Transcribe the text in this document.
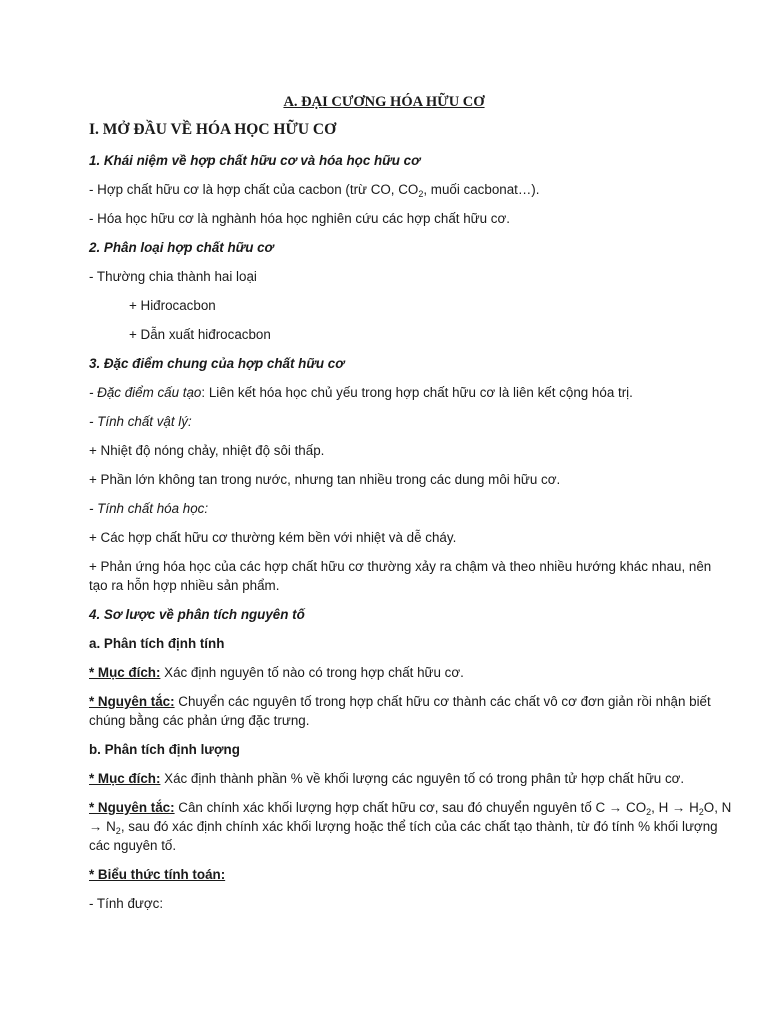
A. ĐẠI CƯƠNG HÓA HỮU CƠ

I. MỞ ĐẦU VỀ HÓA HỌC HỮU CƠ

1. Khái niệm về hợp chất hữu cơ và hóa học hữu cơ

- Hợp chất hữu cơ là hợp chất của cacbon (trừ CO, $CO_2$, muối cacbonat…).

- Hóa học hữu cơ là nghành hóa học nghiên cứu các hợp chất hữu cơ.

2. Phân loại hợp chất hữu cơ

- Thường chia thành hai loại

+ Hiđrocacbon

+ Dẫn xuất hiđrocacbon

3. Đặc điểm chung của hợp chất hữu cơ

- Đặc điểm cấu tạo: Liên kết hóa học chủ yếu trong hợp chất hữu cơ là liên kết cộng hóa trị.

- Tính chất vật lý:

+ Nhiệt độ nóng chảy, nhiệt độ sôi thấp.

+ Phần lớn không tan trong nước, nhưng tan nhiều trong các dung môi hữu cơ.

- Tính chất hóa học:

+ Các hợp chất hữu cơ thường kém bền với nhiệt và dễ cháy.

+ Phản ứng hóa học của các hợp chất hữu cơ thường xảy ra chậm và theo nhiều hướng khác nhau, nên

tạo ra hỗn hợp nhiều sản phẩm.

4. Sơ lược về phân tích nguyên tố

a. Phân tích định tính

* Mục đích: Xác định nguyên tố nào có trong hợp chất hữu cơ.

* Nguyên tắc: Chuyển các nguyên tố trong hợp chất hữu cơ thành các chất vô cơ đơn giản rồi nhận biết

chúng bằng các phản ứng đặc trưng.

b. Phân tích định lượng

* Mục đích: Xác định thành phần % về khối lượng các nguyên tố có trong phân tử hợp chất hữu cơ.

* Nguyên tắc: Cân chính xác khối lượng hợp chất hữu cơ, sau đó chuyển nguyên tố $C \to CO_2$, $H \to H_2O$, N

→ $N_2$, sau đó xác định chính xác khối lượng hoặc thể tích của các chất tạo thành, từ đó tính % khối lượng

các nguyên tố.

* Biểu thức tính toán:

- Tính được:
